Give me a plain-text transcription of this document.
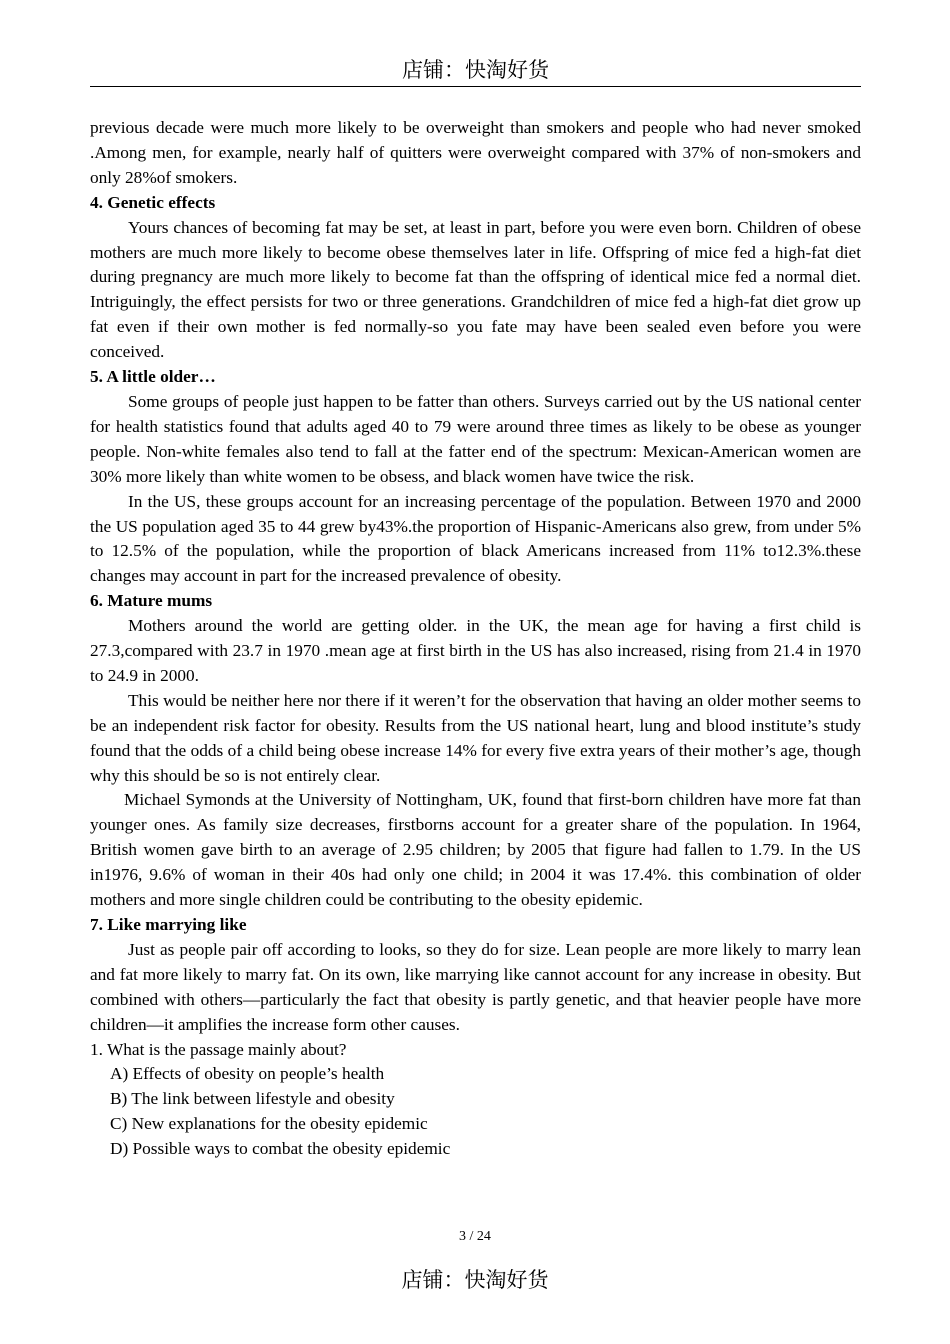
店铺：快淘好货

previous decade were much more likely to be overweight than smokers and people who had never smoked .Among men, for example, nearly half of quitters were overweight compared with 37% of non-smokers and only 28%of smokers.

4. Genetic effects

Yours chances of becoming fat may be set, at least in part, before you were even born. Children of obese mothers are much more likely to become obese themselves later in life. Offspring of mice fed a high-fat diet during pregnancy are much more likely to become fat than the offspring of identical mice fed a normal diet. Intriguingly, the effect persists for two or three generations. Grandchildren of mice fed a high-fat diet grow up fat even if their own mother is fed normally-so you fate may have been sealed even before you were conceived.

5. A little older…

Some groups of people just happen to be fatter than others. Surveys carried out by the US national center for health statistics found that adults aged 40 to 79 were around three times as likely to be obese as younger people. Non-white females also tend to fall at the fatter end of the spectrum: Mexican-American women are 30% more likely than white women to be obsess, and black women have twice the risk.

In the US, these groups account for an increasing percentage of the population. Between 1970 and 2000 the US population aged 35 to 44 grew by43%.the proportion of Hispanic-Americans also grew, from under 5% to 12.5% of the population, while the proportion of black Americans increased from 11% to12.3%.these changes may account in part for the increased prevalence of obesity.

6. Mature mums

Mothers around the world are getting older. in the UK, the mean age for having a first child is 27.3,compared with 23.7 in 1970 .mean age at first birth in the US has also increased, rising from 21.4 in 1970 to 24.9 in 2000.

This would be neither here nor there if it weren’t for the observation that having an older mother seems to be an independent risk factor for obesity. Results from the US national heart, lung and blood institute’s study found that the odds of a child being obese increase 14% for every five extra years of their mother’s age, though why this should be so is not entirely clear.

Michael Symonds at the University of Nottingham, UK, found that first-born children have more fat than younger ones. As family size decreases, firstborns account for a greater share of the population. In 1964, British women gave birth to an average of 2.95 children; by 2005 that figure had fallen to 1.79. In the US in1976, 9.6% of woman in their 40s had only one child; in 2004 it was 17.4%. this combination of older mothers and more single children could be contributing to the obesity epidemic.

7. Like marrying like

Just as people pair off according to looks, so they do for size. Lean people are more likely to marry lean and fat more likely to marry fat. On its own, like marrying like cannot account for any increase in obesity. But combined with others—particularly the fact that obesity is partly genetic, and that heavier people have more children—it amplifies the increase form other causes.

1. What is the passage mainly about?

A) Effects of obesity on people’s health

B) The link between lifestyle and obesity

C) New explanations for the obesity epidemic

D) Possible ways to combat the obesity epidemic

3 / 24
店铺：快淘好货
